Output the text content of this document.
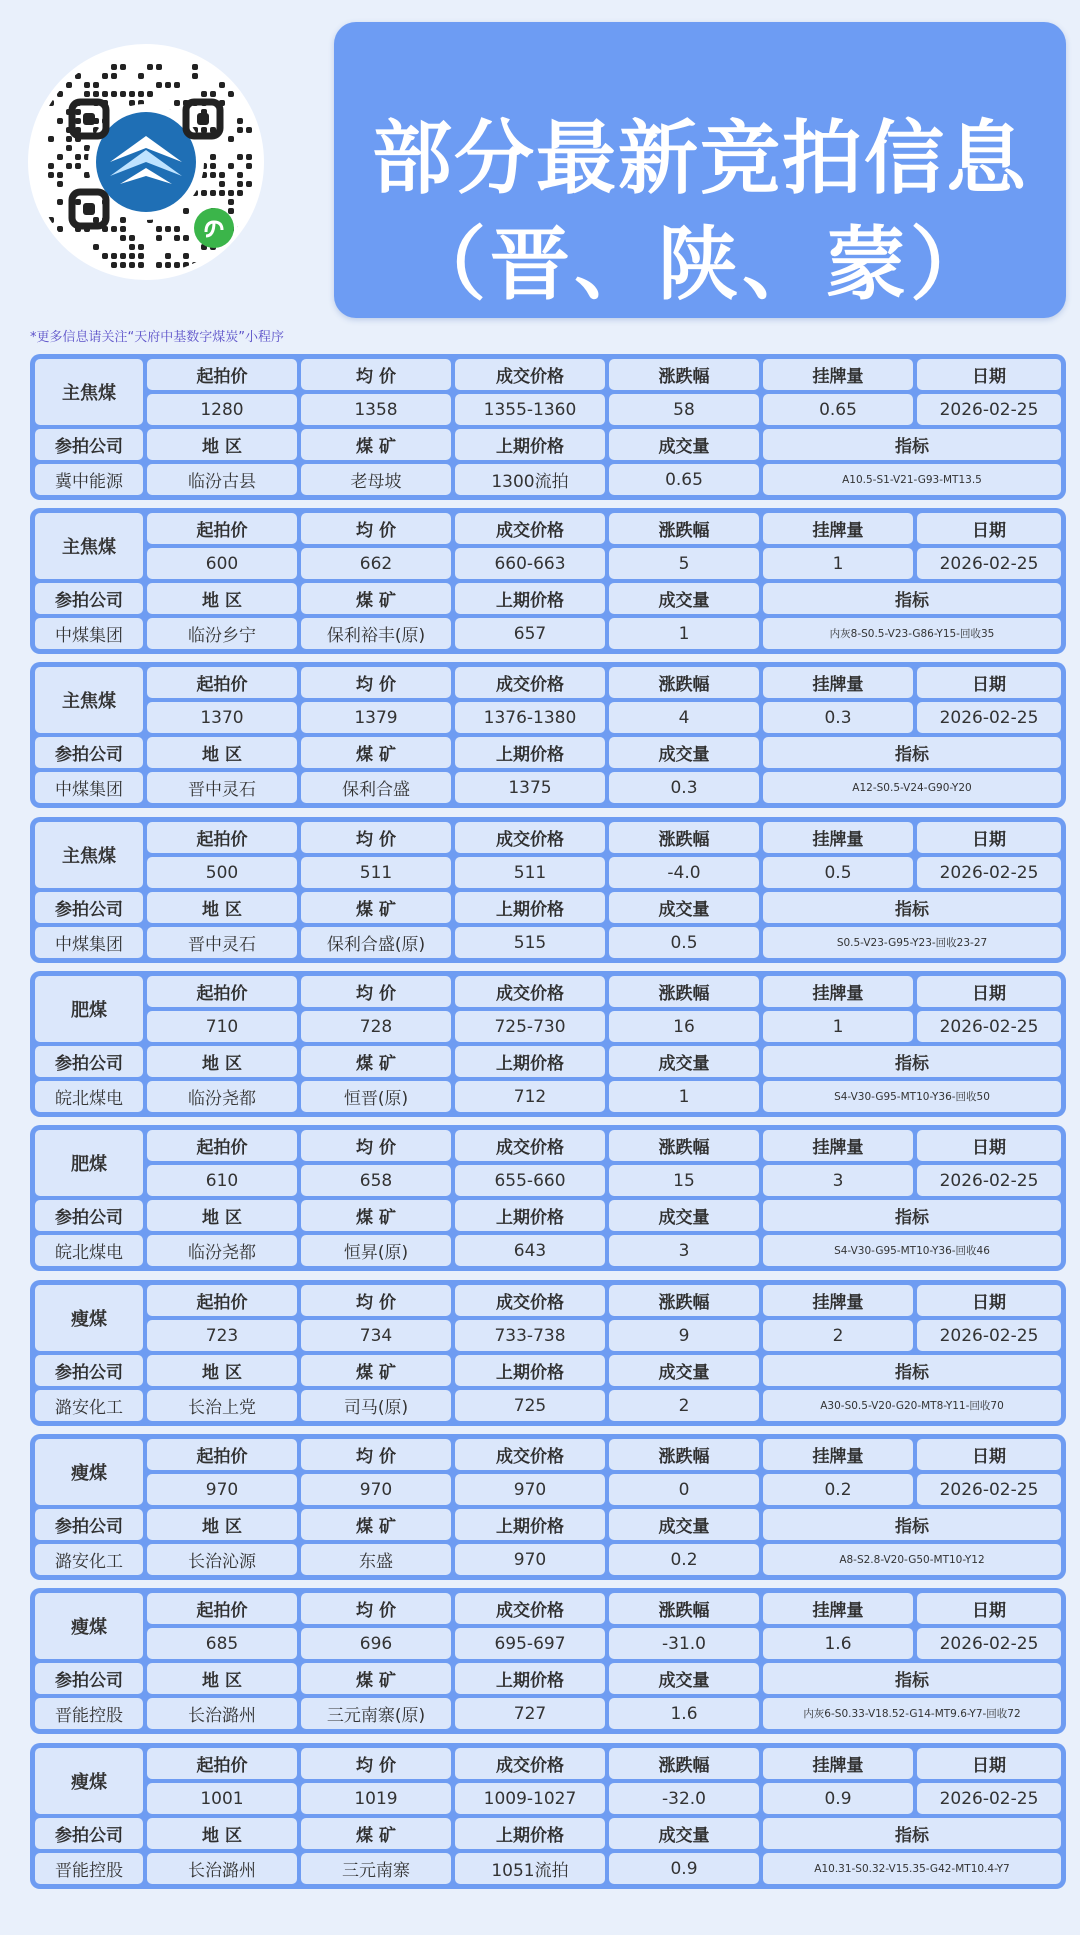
部分最新竞拍信息
（晋、陕、蒙）
*更多信息请关注“天府中基数字煤炭”小程序
主焦煤
起拍价	均 价	成交价格	涨跌幅	挂牌量	日期
1280	1358	1355-1360	58	0.65	2026-02-25
参拍公司	地 区	煤 矿	上期价格	成交量	指标
冀中能源	临汾古县	老母坡	1300流拍	0.65	A10.5-S1-V21-G93-MT13.5
主焦煤
起拍价	均 价	成交价格	涨跌幅	挂牌量	日期
600	662	660-663	5	1	2026-02-25
参拍公司	地 区	煤 矿	上期价格	成交量	指标
中煤集团	临汾乡宁	保利裕丰(原)	657	1	内灰8-S0.5-V23-G86-Y15-回收35
主焦煤
起拍价	均 价	成交价格	涨跌幅	挂牌量	日期
1370	1379	1376-1380	4	0.3	2026-02-25
参拍公司	地 区	煤 矿	上期价格	成交量	指标
中煤集团	晋中灵石	保利合盛	1375	0.3	A12-S0.5-V24-G90-Y20
主焦煤
起拍价	均 价	成交价格	涨跌幅	挂牌量	日期
500	511	511	-4.0	0.5	2026-02-25
参拍公司	地 区	煤 矿	上期价格	成交量	指标
中煤集团	晋中灵石	保利合盛(原)	515	0.5	S0.5-V23-G95-Y23-回收23-27
肥煤
起拍价	均 价	成交价格	涨跌幅	挂牌量	日期
710	728	725-730	16	1	2026-02-25
参拍公司	地 区	煤 矿	上期价格	成交量	指标
皖北煤电	临汾尧都	恒晋(原)	712	1	S4-V30-G95-MT10-Y36-回收50
肥煤
起拍价	均 价	成交价格	涨跌幅	挂牌量	日期
610	658	655-660	15	3	2026-02-25
参拍公司	地 区	煤 矿	上期价格	成交量	指标
皖北煤电	临汾尧都	恒昇(原)	643	3	S4-V30-G95-MT10-Y36-回收46
瘦煤
起拍价	均 价	成交价格	涨跌幅	挂牌量	日期
723	734	733-738	9	2	2026-02-25
参拍公司	地 区	煤 矿	上期价格	成交量	指标
潞安化工	长治上党	司马(原)	725	2	A30-S0.5-V20-G20-MT8-Y11-回收70
瘦煤
起拍价	均 价	成交价格	涨跌幅	挂牌量	日期
970	970	970	0	0.2	2026-02-25
参拍公司	地 区	煤 矿	上期价格	成交量	指标
潞安化工	长治沁源	东盛	970	0.2	A8-S2.8-V20-G50-MT10-Y12
瘦煤
起拍价	均 价	成交价格	涨跌幅	挂牌量	日期
685	696	695-697	-31.0	1.6	2026-02-25
参拍公司	地 区	煤 矿	上期价格	成交量	指标
晋能控股	长治潞州	三元南寨(原)	727	1.6	内灰6-S0.33-V18.52-G14-MT9.6-Y7-回收72
瘦煤
起拍价	均 价	成交价格	涨跌幅	挂牌量	日期
1001	1019	1009-1027	-32.0	0.9	2026-02-25
参拍公司	地 区	煤 矿	上期价格	成交量	指标
晋能控股	长治潞州	三元南寨	1051流拍	0.9	A10.31-S0.32-V15.35-G42-MT10.4-Y7
